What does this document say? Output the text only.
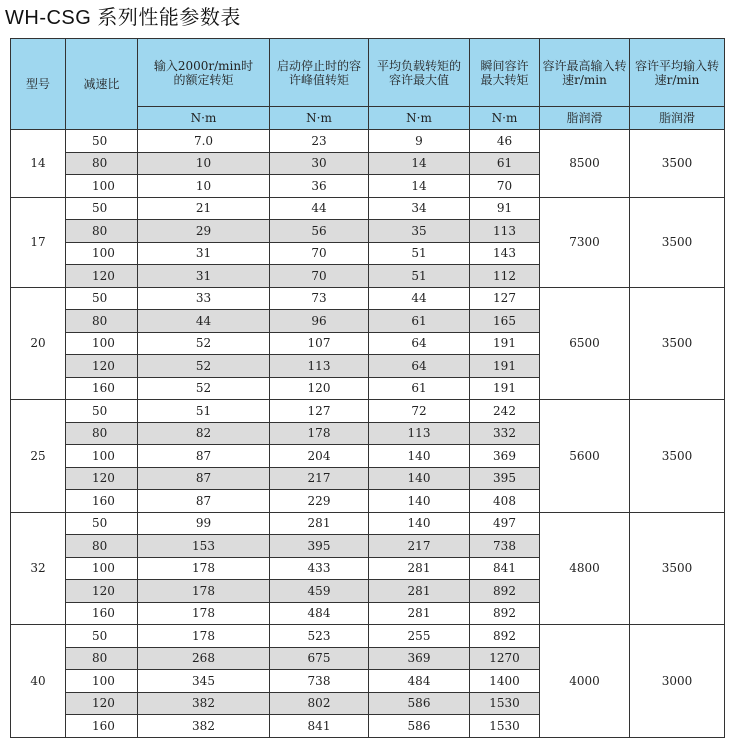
WH-CSG 系列性能参数表
型号	减速比	输入2000r/min时的额定转矩	启动停止时的容许峰值转矩	平均负载转矩的容许最大值	瞬间容许最大转矩	容许最高输入转速r/min	容许平均输入转速r/min
		N·m	N·m	N·m	N·m	脂润滑	脂润滑
14	50	7.0	23	9	46	8500	3500
	80	10	30	14	61		
	100	10	36	14	70		
17	50	21	44	34	91	7300	3500
	80	29	56	35	113		
	100	31	70	51	143		
	120	31	70	51	112		
20	50	33	73	44	127	6500	3500
	80	44	96	61	165		
	100	52	107	64	191		
	120	52	113	64	191		
	160	52	120	61	191		
25	50	51	127	72	242	5600	3500
	80	82	178	113	332		
	100	87	204	140	369		
	120	87	217	140	395		
	160	87	229	140	408		
32	50	99	281	140	497	4800	3500
	80	153	395	217	738		
	100	178	433	281	841		
	120	178	459	281	892		
	160	178	484	281	892		
40	50	178	523	255	892	4000	3000
	80	268	675	369	1270		
	100	345	738	484	1400		
	120	382	802	586	1530		
	160	382	841	586	1530		
